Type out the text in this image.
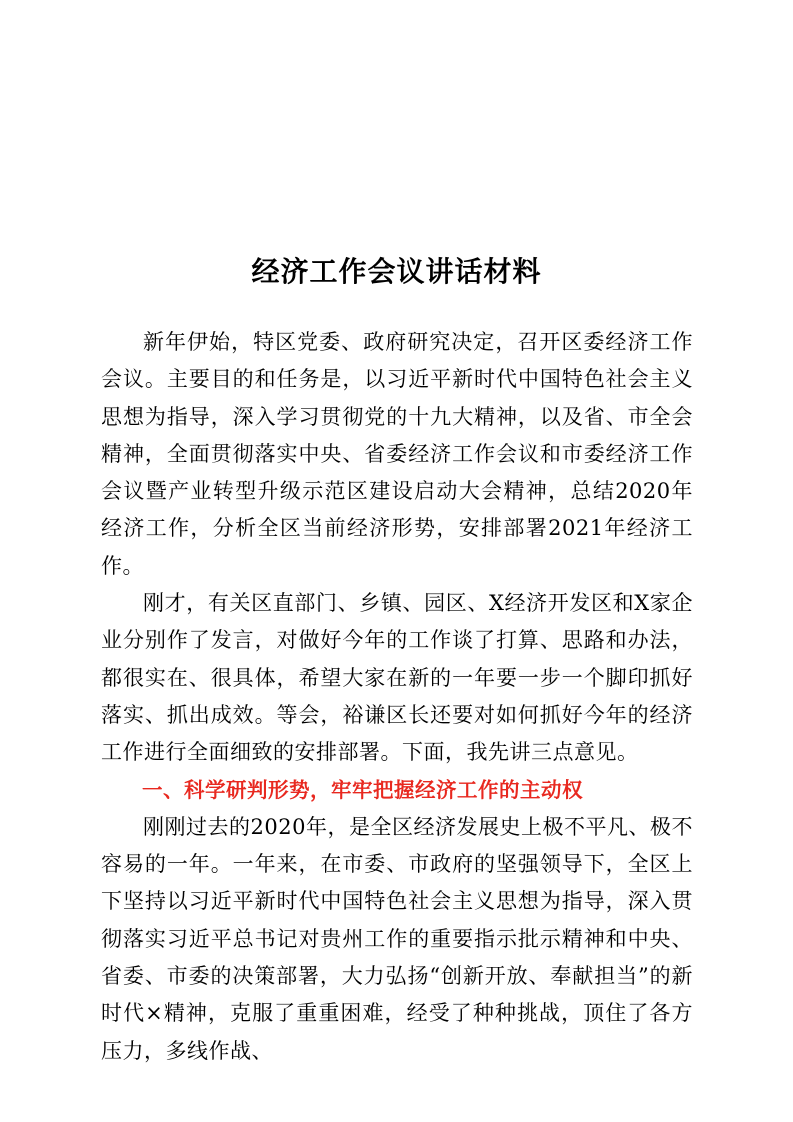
经济工作会议讲话材料

新年伊始，特区党委、政府研究决定，召开区委经济工作会议。主要目的和任务是，以习近平新时代中国特色社会主义思想为指导，深入学习贯彻党的十九大精神，以及省、市全会精神，全面贯彻落实中央、省委经济工作会议和市委经济工作会议暨产业转型升级示范区建设启动大会精神，总结2020年经济工作，分析全区当前经济形势，安排部署2021年经济工作。

刚才，有关区直部门、乡镇、园区、X经济开发区和X家企业分别作了发言，对做好今年的工作谈了打算、思路和办法，都很实在、很具体，希望大家在新的一年要一步一个脚印抓好落实、抓出成效。等会，裕谦区长还要对如何抓好今年的经济工作进行全面细致的安排部署。下面，我先讲三点意见。

一、科学研判形势，牢牢把握经济工作的主动权

刚刚过去的2020年，是全区经济发展史上极不平凡、极不容易的一年。一年来，在市委、市政府的坚强领导下，全区上下坚持以习近平新时代中国特色社会主义思想为指导，深入贯彻落实习近平总书记对贵州工作的重要指示批示精神和中央、省委、市委的决策部署，大力弘扬“创新开放、奉献担当”的新时代×精神，克服了重重困难，经受了种种挑战，顶住了各方压力，多线作战、
